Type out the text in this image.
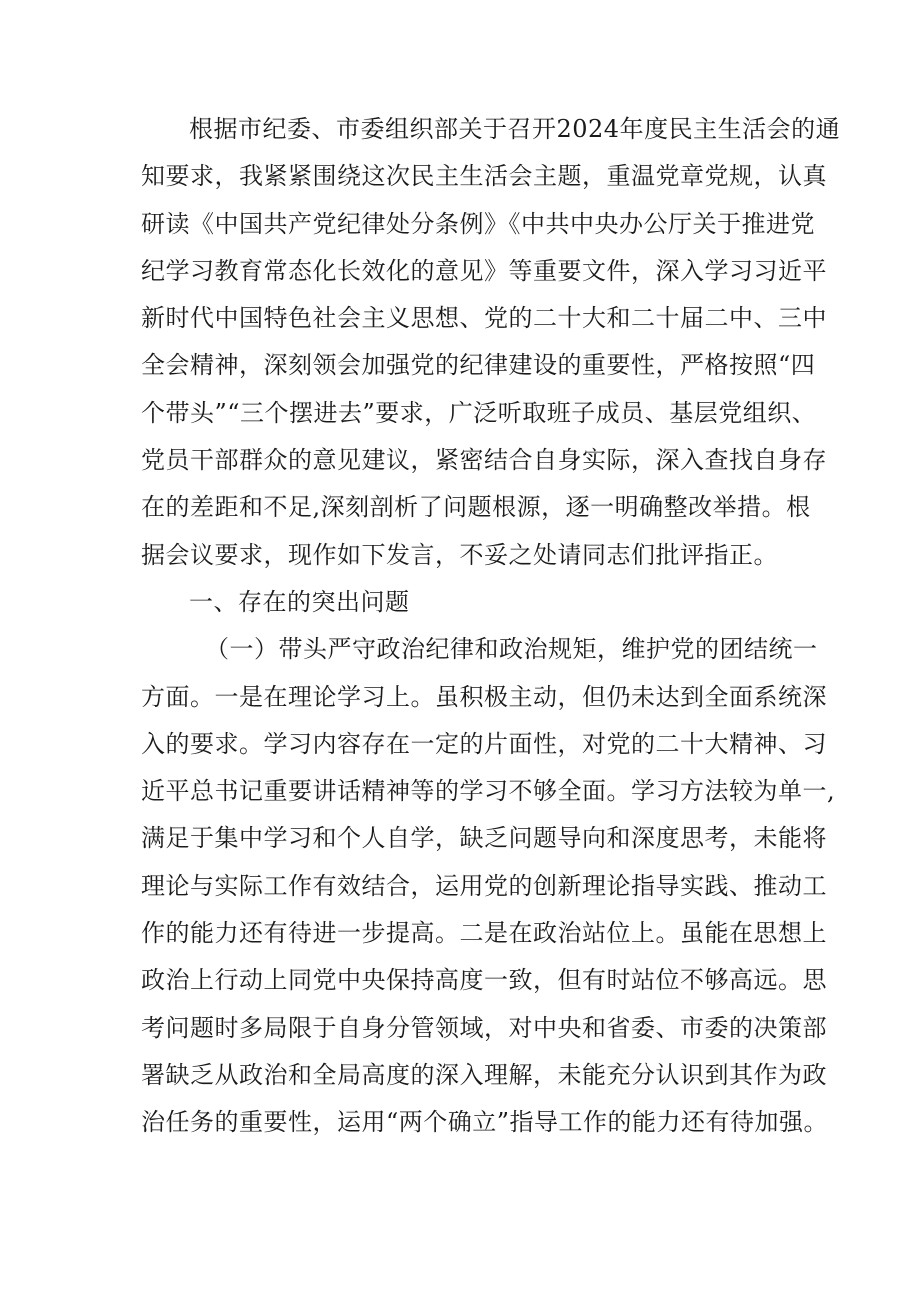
根据市纪委、市委组织部关于召开2024年度民主生活会的通
知要求，我紧紧围绕这次民主生活会主题，重温党章党规，认真
研读《中国共产党纪律处分条例》《中共中央办公厅关于推进党
纪学习教育常态化长效化的意见》等重要文件，深入学习习近平
新时代中国特色社会主义思想、党的二十大和二十届二中、三中
全会精神，深刻领会加强党的纪律建设的重要性，严格按照“四
个带头”“三个摆进去”要求，广泛听取班子成员、基层党组织、
党员干部群众的意见建议，紧密结合自身实际，深入查找自身存
在的差距和不足,深刻剖析了问题根源，逐一明确整改举措。根
据会议要求，现作如下发言，不妥之处请同志们批评指正。

一、存在的突出问题

（一）带头严守政治纪律和政治规矩，维护党的团结统一
方面。一是在理论学习上。虽积极主动，但仍未达到全面系统深
入的要求。学习内容存在一定的片面性，对党的二十大精神、习
近平总书记重要讲话精神等的学习不够全面。学习方法较为单一,
满足于集中学习和个人自学，缺乏问题导向和深度思考，未能将
理论与实际工作有效结合，运用党的创新理论指导实践、推动工
作的能力还有待进一步提高。二是在政治站位上。虽能在思想上
政治上行动上同党中央保持高度一致，但有时站位不够高远。思
考问题时多局限于自身分管领域，对中央和省委、市委的决策部
署缺乏从政治和全局高度的深入理解，未能充分认识到其作为政
治任务的重要性，运用“两个确立”指导工作的能力还有待加强。
